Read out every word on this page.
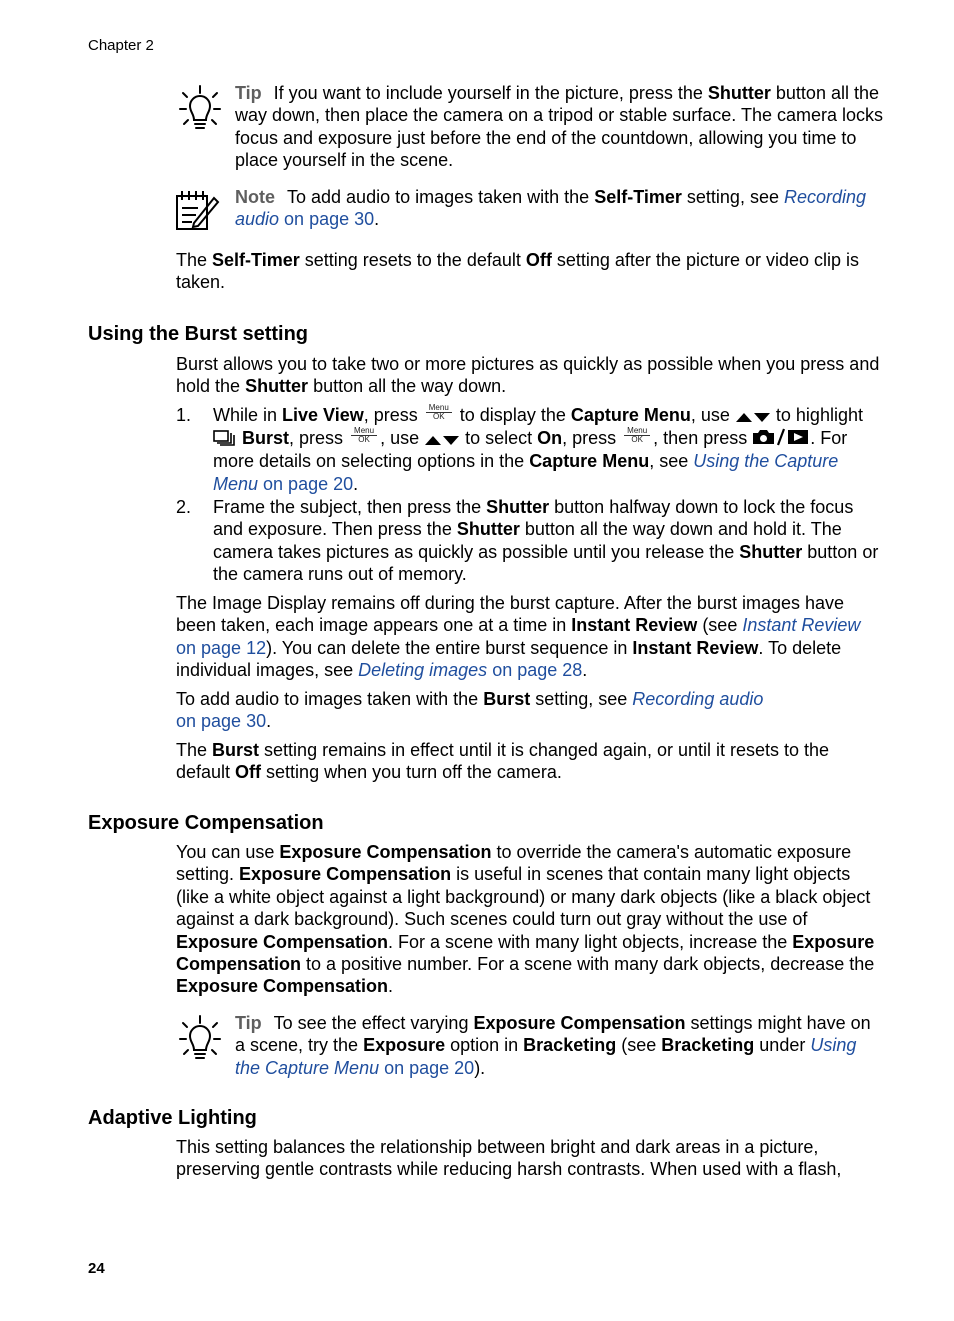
Chapter 2
Tip If you want to include yourself in the picture, press the Shutter button all the way down, then place the camera on a tripod or stable surface. The camera locks focus and exposure just before the end of the countdown, allowing you time to place yourself in the scene.
Note To add audio to images taken with the Self-Timer setting, see Recording audio on page 30.

The Self-Timer setting resets to the default Off setting after the picture or video clip is taken.

Using the Burst setting

Burst allows you to take two or more pictures as quickly as possible when you press and hold the Shutter button all the way down.

1. While in Live View, press Menu
OK to display the Capture Menu, use  to highlight  Burst, press Menu
OK , use  to select On, press Menu
OK , then press	. For more details on selecting options in the Capture Menu, see Using the Capture Menu on page 20.
2. Frame the subject, then press the Shutter button halfway down to lock the focus and exposure. Then press the Shutter button all the way down and hold it. The camera takes pictures as quickly as possible until you release the Shutter button or the camera runs out of memory.

The Image Display remains off during the burst capture. After the burst images have been taken, each image appears one at a time in Instant Review (see Instant Review on page 12). You can delete the entire burst sequence in Instant Review. To delete individual images, see Deleting images on page 28.

To add audio to images taken with the Burst setting, see Recording audio
on page 30.

The Burst setting remains in effect until it is changed again, or until it resets to the default Off setting when you turn off the camera.

Exposure Compensation

You can use Exposure Compensation to override the camera's automatic exposure setting. Exposure Compensation is useful in scenes that contain many light objects (like a white object against a light background) or many dark objects (like a black object against a dark background). Such scenes could turn out gray without the use of Exposure Compensation. For a scene with many light objects, increase the Exposure Compensation to a positive number. For a scene with many dark objects, decrease the Exposure Compensation.

Tip To see the effect varying Exposure Compensation settings might have on a scene, try the Exposure option in Bracketing (see Bracketing under Using the Capture Menu on page 20).
Adaptive Lighting

This setting balances the relationship between bright and dark areas in a picture, preserving gentle contrasts while reducing harsh contrasts. When used with a flash,

24
